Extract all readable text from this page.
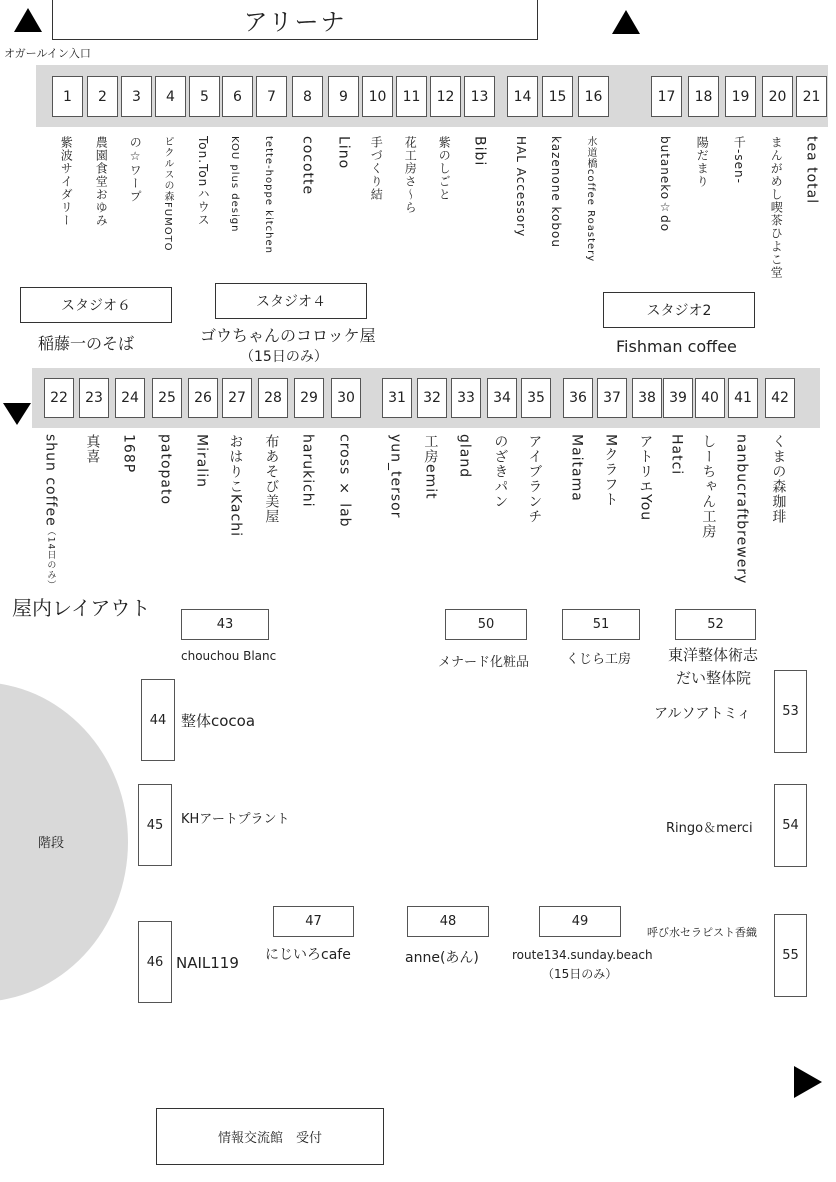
アリーナ
オガールイン入口
1
紫波サイダリー
2
農園食堂おゆみ
3
の☆ワープ
4
ピクルスの森FUMOTO
5
Ton.Tonハウス
6
KOU plus design
7
tette-hoppe kitchen
8
cocotte
9
Lino
10
手づくり結
11
花工房さ～ら
12
紫のしごと
13
Bibi
14
HAL Accessory
15
kazenone kobou
16
水道橋coffee Roastery
17
butaneko☆do
18
陽だまり
19
千-sen-
20
まんがめし喫茶ひよこ堂
21
tea total
スタジオ６
稲藤一のそば
スタジオ４
ゴウちゃんのコロッケ屋
（15日のみ）
スタジオ2
Fishman coffee
22
shun coffee（14日のみ）
23
真喜
24
168P
25
patopato
26
Miralin
27
おはりこKachi
28
布あそび美屋
29
harukichi
30
cross × lab
31
yun_tersor
32
工房emit
33
gland
34
のざきパン
35
アイブランチ
36
Maitama
37
Mクラフト
38
アトリエYou
39
Hatci
40
しーちゃん工房
41
nanbucraftbrewery
42
くまの森珈琲
屋内レイアウト
階段
43
chouchou Blanc
44 整体cocoa
45 KHアートプラント
46 NAIL119
47
にじいろcafe
48
anne(あん)
49
route134.sunday.beach
（15日のみ）
50
メナード化粧品
51
くじら工房
52
東洋整体術志
だい整体院
53
アルソアトミィ
54
Ringo＆merci
55
呼び水セラピスト香織
情報交流館　受付
